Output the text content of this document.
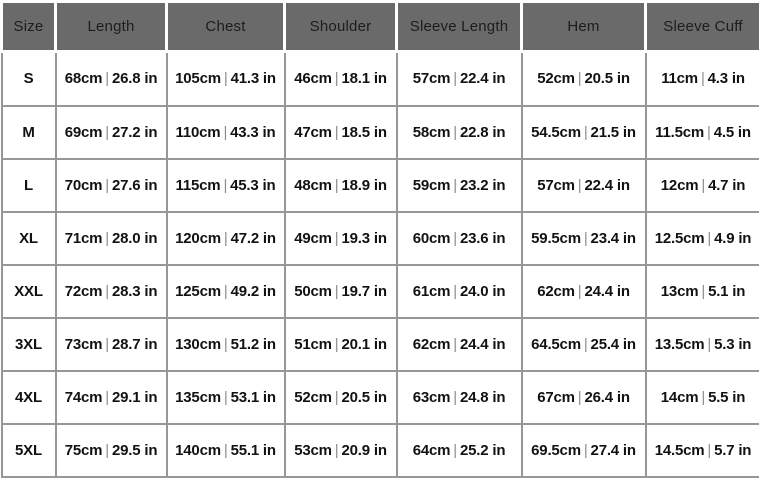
Size	Length	Chest	Shoulder	Sleeve Length	Hem	Sleeve Cuff
S	68cm | 26.8 in	105cm | 41.3 in	46cm | 18.1 in	57cm | 22.4 in	52cm | 20.5 in	11cm | 4.3 in
M	69cm | 27.2 in	110cm | 43.3 in	47cm | 18.5 in	58cm | 22.8 in	54.5cm | 21.5 in	11.5cm | 4.5 in
L	70cm | 27.6 in	115cm | 45.3 in	48cm | 18.9 in	59cm | 23.2 in	57cm | 22.4 in	12cm | 4.7 in
XL	71cm | 28.0 in	120cm | 47.2 in	49cm | 19.3 in	60cm | 23.6 in	59.5cm | 23.4 in	12.5cm | 4.9 in
XXL	72cm | 28.3 in	125cm | 49.2 in	50cm | 19.7 in	61cm | 24.0 in	62cm | 24.4 in	13cm | 5.1 in
3XL	73cm | 28.7 in	130cm | 51.2 in	51cm | 20.1 in	62cm | 24.4 in	64.5cm | 25.4 in	13.5cm | 5.3 in
4XL	74cm | 29.1 in	135cm | 53.1 in	52cm | 20.5 in	63cm | 24.8 in	67cm | 26.4 in	14cm | 5.5 in
5XL	75cm | 29.5 in	140cm | 55.1 in	53cm | 20.9 in	64cm | 25.2 in	69.5cm | 27.4 in	14.5cm | 5.7 in
